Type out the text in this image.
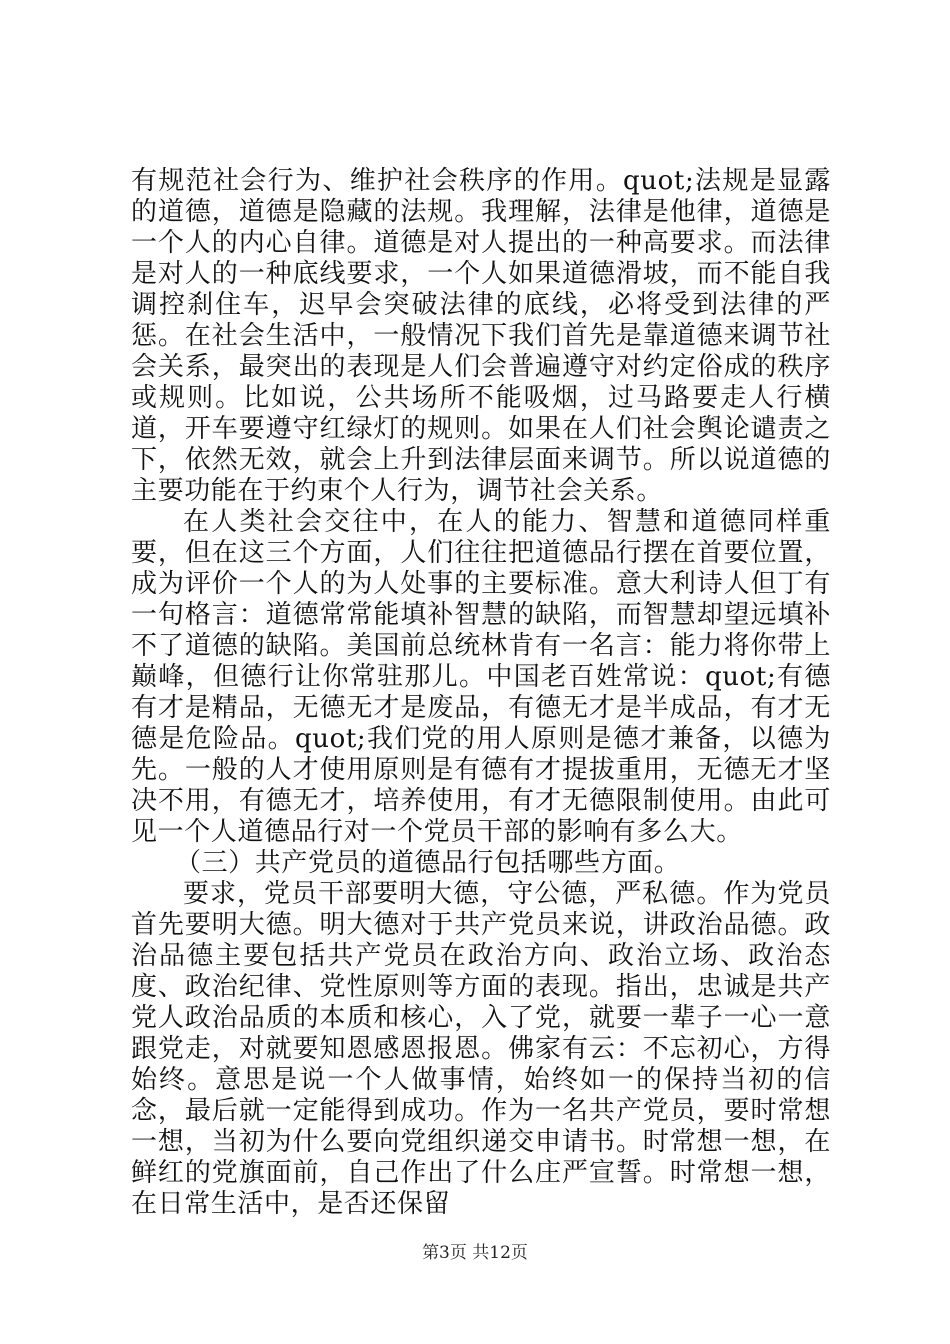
有规范社会行为、维护社会秩序的作用。quot;法规是显露的道德，道德是隐藏的法规。我理解，法律是他律，道德是一个人的内心自律。道德是对人提出的一种高要求。而法律是对人的一种底线要求，一个人如果道德滑坡，而不能自我调控刹住车，迟早会突破法律的底线，必将受到法律的严惩。在社会生活中，一般情况下我们首先是靠道德来调节社会关系，最突出的表现是人们会普遍遵守对约定俗成的秩序或规则。比如说，公共场所不能吸烟，过马路要走人行横道，开车要遵守红绿灯的规则。如果在人们社会舆论谴责之下，依然无效，就会上升到法律层面来调节。所以说道德的主要功能在于约束个人行为，调节社会关系。

在人类社会交往中，在人的能力、智慧和道德同样重要，但在这三个方面，人们往往把道德品行摆在首要位置，成为评价一个人的为人处事的主要标准。意大利诗人但丁有一句格言：道德常常能填补智慧的缺陷，而智慧却望远填补不了道德的缺陷。美国前总统林肯有一名言：能力将你带上巅峰，但德行让你常驻那儿。中国老百姓常说：quot;有德有才是精品，无德无才是废品，有德无才是半成品，有才无德是危险品。quot;我们党的用人原则是德才兼备，以德为先。一般的人才使用原则是有德有才提拔重用，无德无才坚决不用，有德无才，培养使用，有才无德限制使用。由此可见一个人道德品行对一个党员干部的影响有多么大。

（三）共产党员的道德品行包括哪些方面。

要求，党员干部要明大德，守公德，严私德。作为党员首先要明大德。明大德对于共产党员来说，讲政治品德。政治品德主要包括共产党员在政治方向、政治立场、政治态度、政治纪律、党性原则等方面的表现。指出，忠诚是共产党人政治品质的本质和核心，入了党，就要一辈子一心一意跟党走，对就要知恩感恩报恩。佛家有云：不忘初心，方得始终。意思是说一个人做事情，始终如一的保持当初的信念，最后就一定能得到成功。作为一名共产党员，要时常想一想，当初为什么要向党组织递交申请书。时常想一想，在鲜红的党旗面前，自己作出了什么庄严宣誓。时常想一想，在日常生活中，是否还保留

第3页 共12页
